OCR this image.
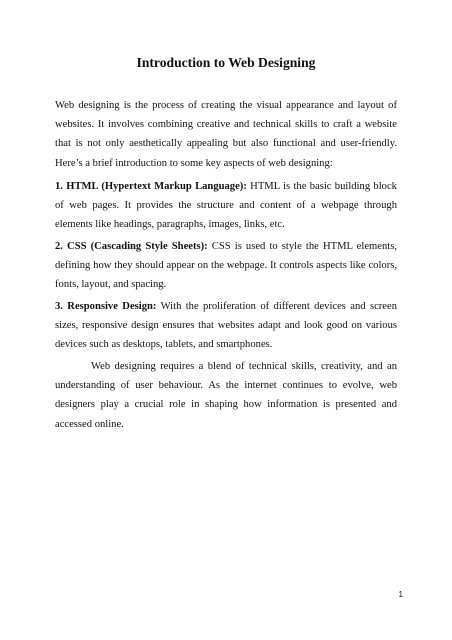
Introduction to Web Designing

Web designing is the process of creating the visual appearance and layout of websites. It involves combining creative and technical skills to craft a website that is not only aesthetically appealing but also functional and user-friendly. Here’s a brief introduction to some key aspects of web designing:

1. HTML (Hypertext Markup Language): HTML is the basic building block of web pages. It provides the structure and content of a webpage through elements like headings, paragraphs, images, links, etc.

2. CSS (Cascading Style Sheets): CSS is used to style the HTML elements, defining how they should appear on the webpage. It controls aspects like colors, fonts, layout, and spacing.

3. Responsive Design: With the proliferation of different devices and screen sizes, responsive design ensures that websites adapt and look good on various devices such as desktops, tablets, and smartphones.

Web designing requires a blend of technical skills, creativity, and an understanding of user behaviour. As the internet continues to evolve, web designers play a crucial role in shaping how information is presented and accessed online.

1
